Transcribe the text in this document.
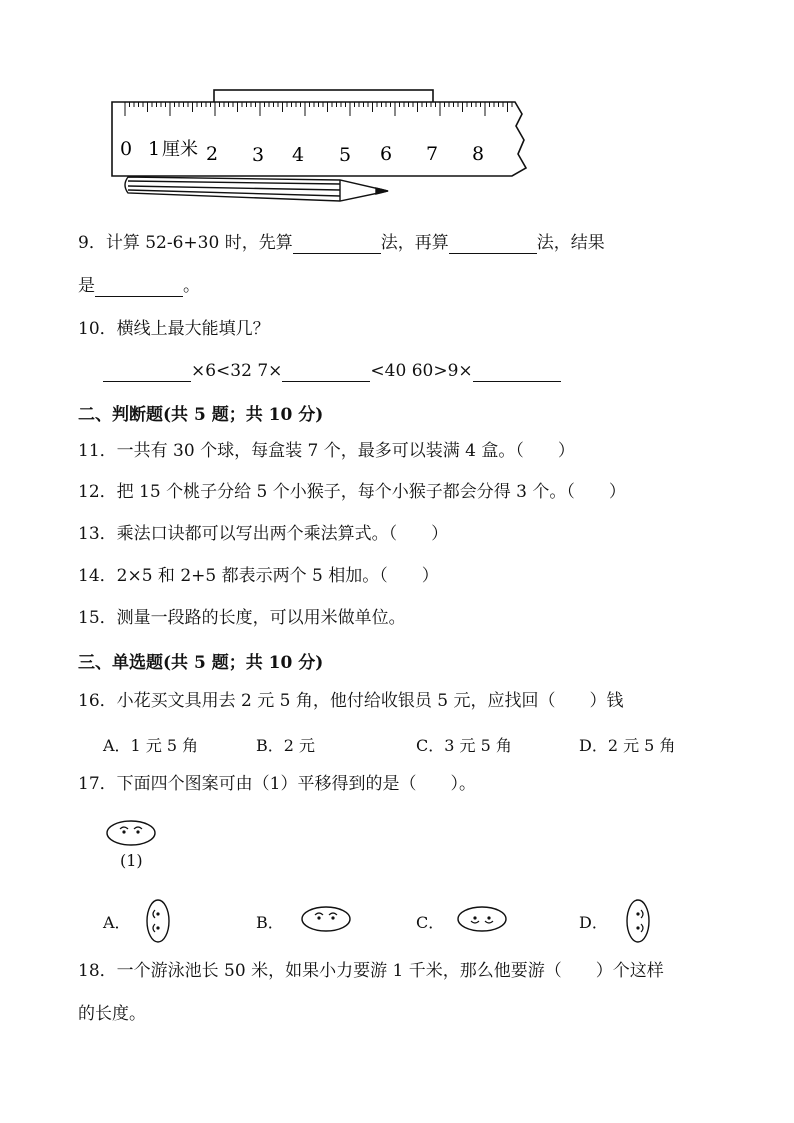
0 1 厘米 2 3 4 5 6 7 8
9．计算 52-6+30 时，先算	法，再算	法，结果
是	。
10．横线上最大能填几？
×6<32 7×	<40 60>9×
二、判断题(共 5 题；共 10 分)
11．一共有 30 个球，每盒装 7 个，最多可以装满 4 盒。（　　）
12．把 15 个桃子分给 5 个小猴子，每个小猴子都会分得 3 个。（　　）
13．乘法口诀都可以写出两个乘法算式。（　　）
14．2×5 和 2+5 都表示两个 5 相加。（　　）
15．测量一段路的长度，可以用米做单位。
三、单选题(共 5 题；共 10 分)
16．小花买文具用去 2 元 5 角，他付给收银员 5 元，应找回（　　）钱
A．1 元 5 角	B．2 元	C．3 元 5 角	D．2 元 5 角
17．下面四个图案可由（1）平移得到的是（　　）。
(1)
A．	B．	C．	D．
18．一个游泳池长 50 米，如果小力要游 1 千米，那么他要游（　　）个这样
的长度。
